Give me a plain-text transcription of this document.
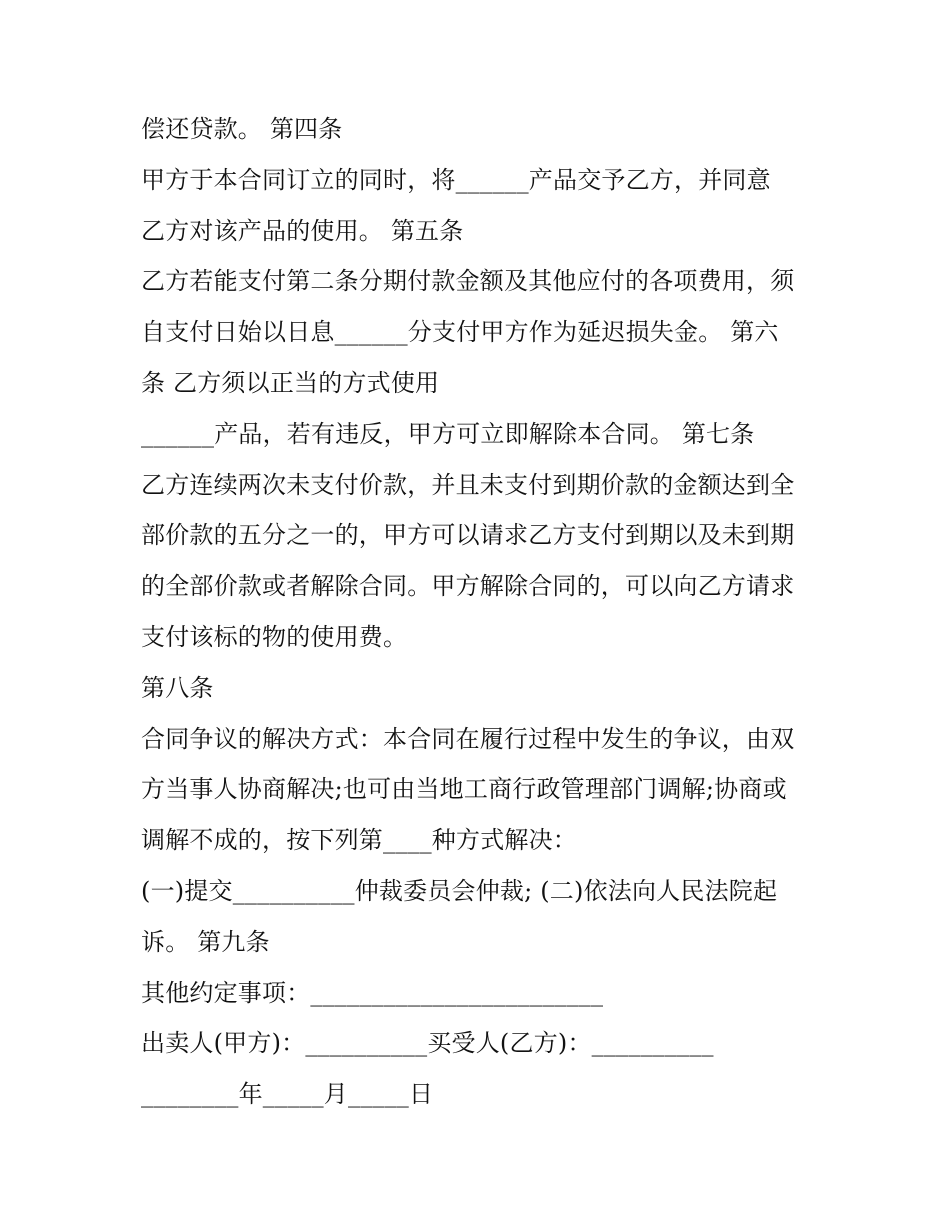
偿还贷款。 第四条
甲方于本合同订立的同时，将______产品交予乙方，并同意
乙方对该产品的使用。 第五条
乙方若能支付第二条分期付款金额及其他应付的各项费用，须
自支付日始以日息______分支付甲方作为延迟损失金。 第六
条 乙方须以正当的方式使用
______产品，若有违反，甲方可立即解除本合同。 第七条
乙方连续两次未支付价款，并且未支付到期价款的金额达到全
部价款的五分之一的，甲方可以请求乙方支付到期以及未到期
的全部价款或者解除合同。甲方解除合同的，可以向乙方请求
支付该标的物的使用费。
第八条
合同争议的解决方式：本合同在履行过程中发生的争议，由双
方当事人协商解决;也可由当地工商行政管理部门调解;协商或
调解不成的，按下列第____种方式解决：
(一)提交__________仲裁委员会仲裁; (二)依法向人民法院起
诉。 第九条
其他约定事项：________________________
出卖人(甲方)：__________买受人(乙方)：__________
________年_____月_____日
